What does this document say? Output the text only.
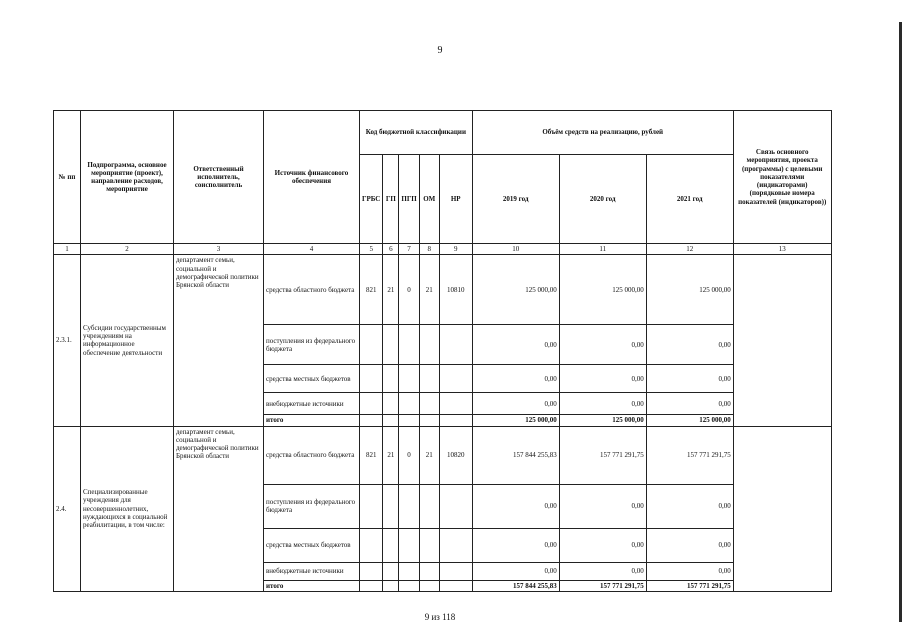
9
№ пп	Подпрограмма, основное мероприятие (проект), направление расходов, мероприятие	Ответственный исполнитель, соисполнитель	Источник финансового обеспечения	Код бюджетной классификации					Объём средств на реализацию, рублей			Связь основного мероприятия, проекта (программы) с целевыми показателями (индикаторами) (порядковые номера показателей (индикаторов))
				ГРБС	ГП	ПГП	ОМ	НР	2019 год	2020 год	2021 год	
1	2	3	4	5	6	7	8	9	10	11	12	13
2.3.1.	Субсидии государственным учреждениям на информационное обеспечение деятельности	департамент семьи, социальной и демографической политики Брянской области	средства областного бюджета	821	21	0	21	10810	125 000,00	125 000,00	125 000,00	
			поступления из федерального бюджета						0,00	0,00	0,00	
			средства местных бюджетов						0,00	0,00	0,00	
			внебюджетные источники						0,00	0,00	0,00	
			итого						125 000,00	125 000,00	125 000,00	
2.4.	Специализированные учреждения для несовершеннолетних, нуждающихся в социальной реабилитации, в том числе:	департамент семьи, социальной и демографической политики Брянской области	средства областного бюджета	821	21	0	21	10820	157 844 255,83	157 771 291,75	157 771 291,75	
			поступления из федерального бюджета						0,00	0,00	0,00	
			средства местных бюджетов						0,00	0,00	0,00	
			внебюджетные источники						0,00	0,00	0,00	
			итого						157 844 255,83	157 771 291,75	157 771 291,75	
9 из 118
